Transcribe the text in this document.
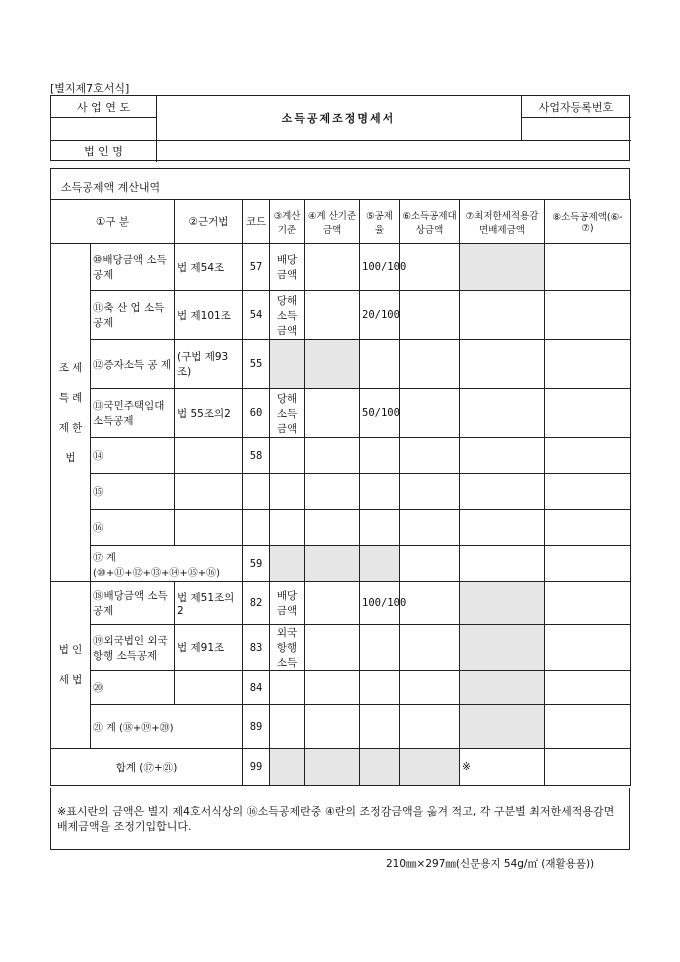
[별지제7호서식]
사 업 연 도
소득공제조정명세서
사업자등록번호
법 인 명
소득공제액 계산내역
①구 분		②근거법	코드	③계산기준	④계 산기준금액	⑤공제율	⑥소득공제대상금액	⑦최저한세적용감면배제금액	⑧소득공제액(⑥-⑦)
조 세 특 례 제 한 법	⑩배당금액 소득공제	법 제54조	57	배당 금액		100/100			
	⑪축 산 업 소득공제	법 제101조	54	당해 소득 금액		20/100			
	⑫증자소득 공 제	(구법 제93조)	55						
	⑬국민주택임대 소득공제	법 55조의2	60	당해 소득 금액		50/100			
	⑭		58						
	⑮								
	⑯								
	⑰ 계 (⑩+⑪+⑫+⑬+⑭+⑮+⑯)		59						
법 인 세 법	⑱배당금액 소득공제	법 제51조의2	82	배당 금액		100/100			
	⑲외국법인 외국항행 소득공제	법 제91조	83	외국 항행 소득					
	⑳		84						
	㉑ 계 (⑱+⑲+⑳)		89						
합계 (⑰+㉑)			99					※	
※표시란의 금액은 별지 제4호서식상의 ⑯소득공제란중 ④란의 조정감금액을 옮겨 적고, 각 구분별 최저한세적용감면배제금액을 조정기입합니다.
210㎜×297㎜(신문용지 54g/㎡ (재활용품))
